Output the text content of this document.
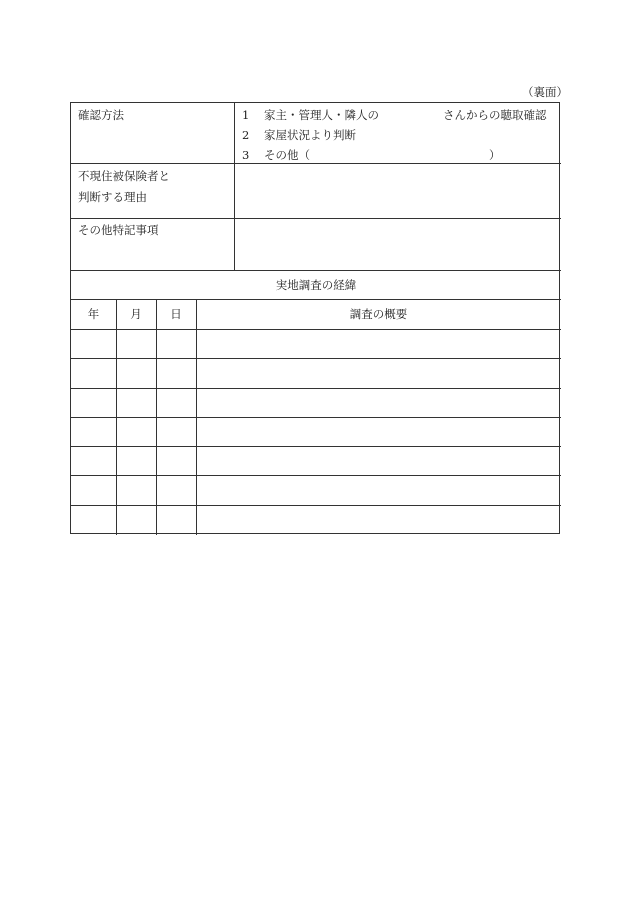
（裏面）
確認方法	1 家主・管理人・隣人の	さんからの聴取確認
2 家屋状況より判断
3 その他（	）
不現住被保険者と
判断する理由
その他特記事項
実地調査の経緯
年	月	日	調査の概要
